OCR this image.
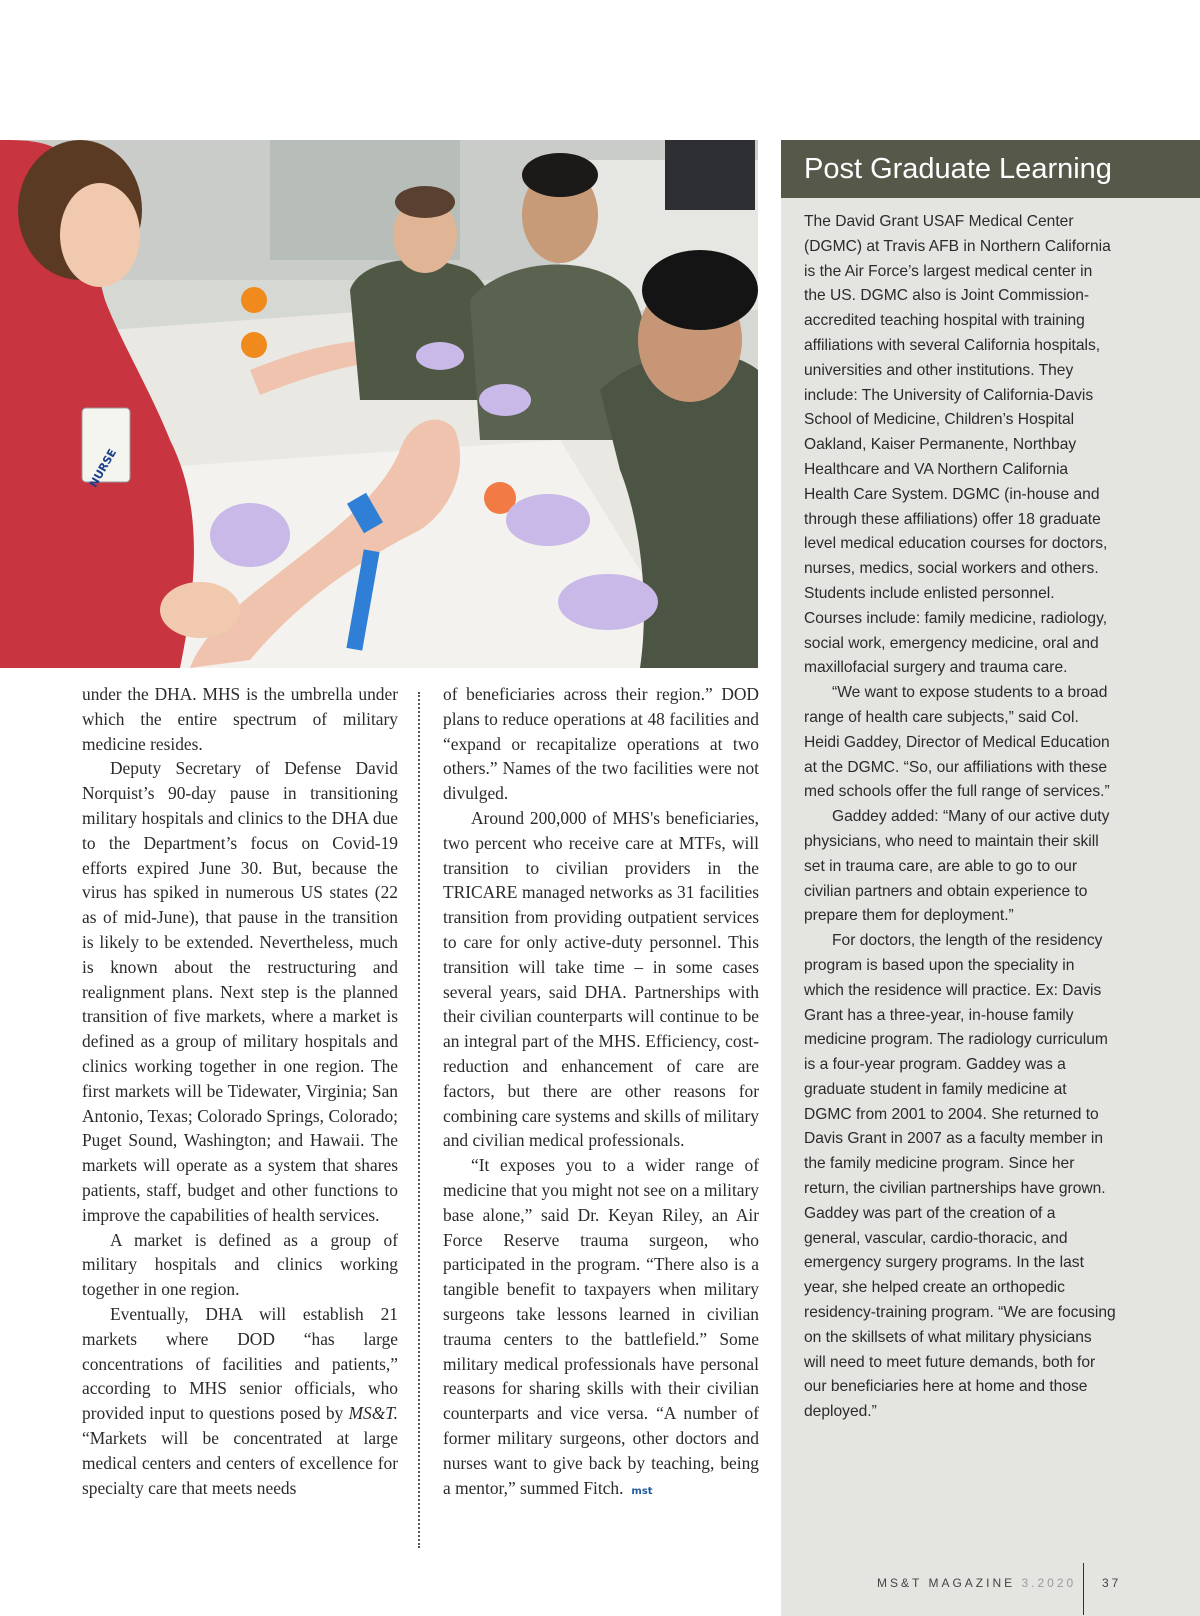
NURSE

under the DHA. MHS is the umbrella under which the entire spectrum of military medicine resides.

Deputy Secretary of Defense David Norquist’s 90-day pause in transitioning military hospitals and clinics to the DHA due to the Department’s focus on Covid-19 efforts expired June 30. But, because the virus has spiked in numerous US states (22 as of mid-June), that pause in the transition is likely to be extended. Nevertheless, much is known about the restructuring and realignment plans. Next step is the planned transition of five markets, where a market is defined as a group of military hospitals and clinics working together in one region. The first markets will be Tidewater, Virginia; San Antonio, Texas; Colorado Springs, Colorado; Puget Sound, Washington; and Hawaii. The markets will operate as a system that shares patients, staff, budget and other functions to improve the capabilities of health services.

A market is defined as a group of military hospitals and clinics working together in one region.

Eventually, DHA will establish 21 markets where DOD “has large concentrations of facilities and patients,” according to MHS senior officials, who provided input to questions posed by MS&T. “Markets will be concentrated at large medical centers and centers of excellence for specialty care that meets needs

of beneficiaries across their region.” DOD plans to reduce operations at 48 facilities and “expand or recapitalize operations at two others.” Names of the two facilities were not divulged.

Around 200,000 of MHS's beneficiaries, two percent who receive care at MTFs, will transition to civilian providers in the TRICARE managed networks as 31 facilities transition from providing outpatient services to care for only active-duty personnel. This transition will take time – in some cases several years, said DHA. Partnerships with their civilian counterparts will continue to be an integral part of the MHS. Efficiency, cost-reduction and enhancement of care are factors, but there are other reasons for combining care systems and skills of military and civilian medical professionals.

“It exposes you to a wider range of medicine that you might not see on a military base alone,” said Dr. Keyan Riley, an Air Force Reserve trauma surgeon, who participated in the program. “There also is a tangible benefit to taxpayers when military surgeons take lessons learned in civilian trauma centers to the battlefield.” Some military medical professionals have personal reasons for sharing skills with their civilian counterparts and vice versa. “A number of former military surgeons, other doctors and nurses want to give back by teaching, being a mentor,” summed Fitch. mst

Post Graduate Learning

The David Grant USAF Medical Center (DGMC) at Travis AFB in Northern California is the Air Force’s largest medical center in the US. DGMC also is Joint Commission-accredited teaching hospital with training affiliations with several California hospitals, universities and other institutions. They include: The University of California-Davis School of Medicine, Children’s Hospital Oakland, Kaiser Permanente, Northbay Healthcare and VA Northern California Health Care System. DGMC (in-house and through these affiliations) offer 18 graduate level medical education courses for doctors, nurses, medics, social workers and others. Students include enlisted personnel. Courses include: family medicine, radiology, social work, emergency medicine, oral and maxillofacial surgery and trauma care.

“We want to expose students to a broad range of health care subjects,” said Col. Heidi Gaddey, Director of Medical Education at the DGMC. “So, our affiliations with these med schools offer the full range of services.”

Gaddey added: “Many of our active duty physicians, who need to maintain their skill set in trauma care, are able to go to our civilian partners and obtain experience to prepare them for deployment.”

For doctors, the length of the residency program is based upon the speciality in which the residence will practice. Ex: Davis Grant has a three-year, in-house family medicine program. The radiology curriculum is a four-year program. Gaddey was a graduate student in family medicine at DGMC from 2001 to 2004. She returned to Davis Grant in 2007 as a faculty member in the family medicine program. Since her return, the civilian partnerships have grown. Gaddey was part of the creation of a general, vascular, cardio-thoracic, and emergency surgery programs. In the last year, she helped create an orthopedic residency-training program. “We are focusing on the skillsets of what military physicians will need to meet future demands, both for our beneficiaries here at home and those deployed.”

MS&T MAGAZINE 3.2020	37
